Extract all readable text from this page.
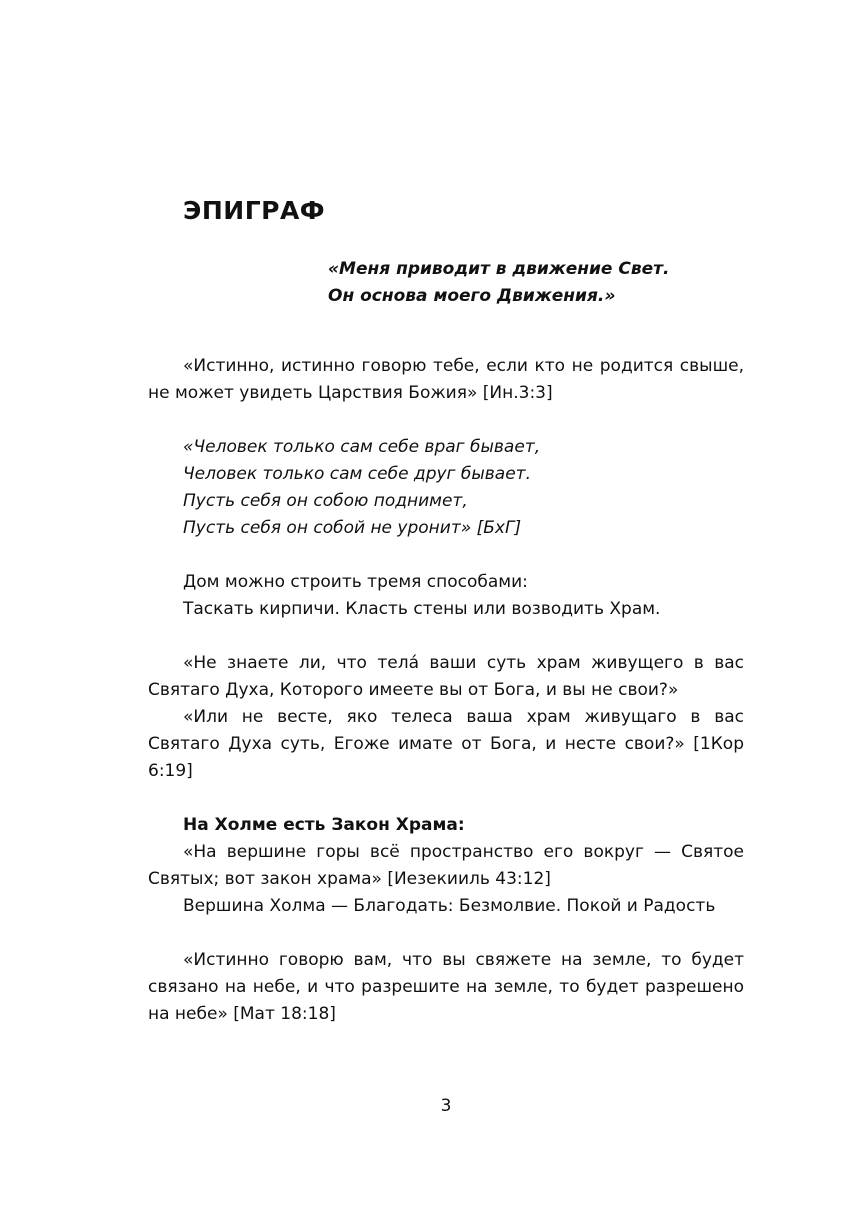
ЭПИГРАФ
«Меня приводит в движение Свет.
Он основа моего Движения.»

«Истинно, истинно говорю тебе, если кто не родится свыше, не может увидеть Царствия Божия» [Ин.3:3]

«Человек только сам себе враг бывает,
Человек только сам себе друг бывает.
Пусть себя он собою поднимет,
Пусть себя он собой не уронит» [БхГ]
Дом можно строить тремя способами:
Таскать кирпичи. Класть стены или возводить Храм.

«Не знаете ли, что тела́ ваши суть храм живущего в вас Святаго Духа, Которого имеете вы от Бога, и вы не свои?»

«Или не весте, яко телеса ваша храм живущаго в вас Святаго Духа суть, Егоже имате от Бога, и несте свои?» [1Кор 6:19]

На Холме есть Закон Храма:

«На вершине горы всё пространство его вокруг — Святое Святых; вот закон храма» [Иезекииль 43:12]

Вершина Холма — Благодать: Безмолвие. Покой и Радость

«Истинно говорю вам, что вы свяжете на земле, то будет связано на небе, и что разрешите на земле, то будет разрешено на небе» [Мат 18:18]

3
